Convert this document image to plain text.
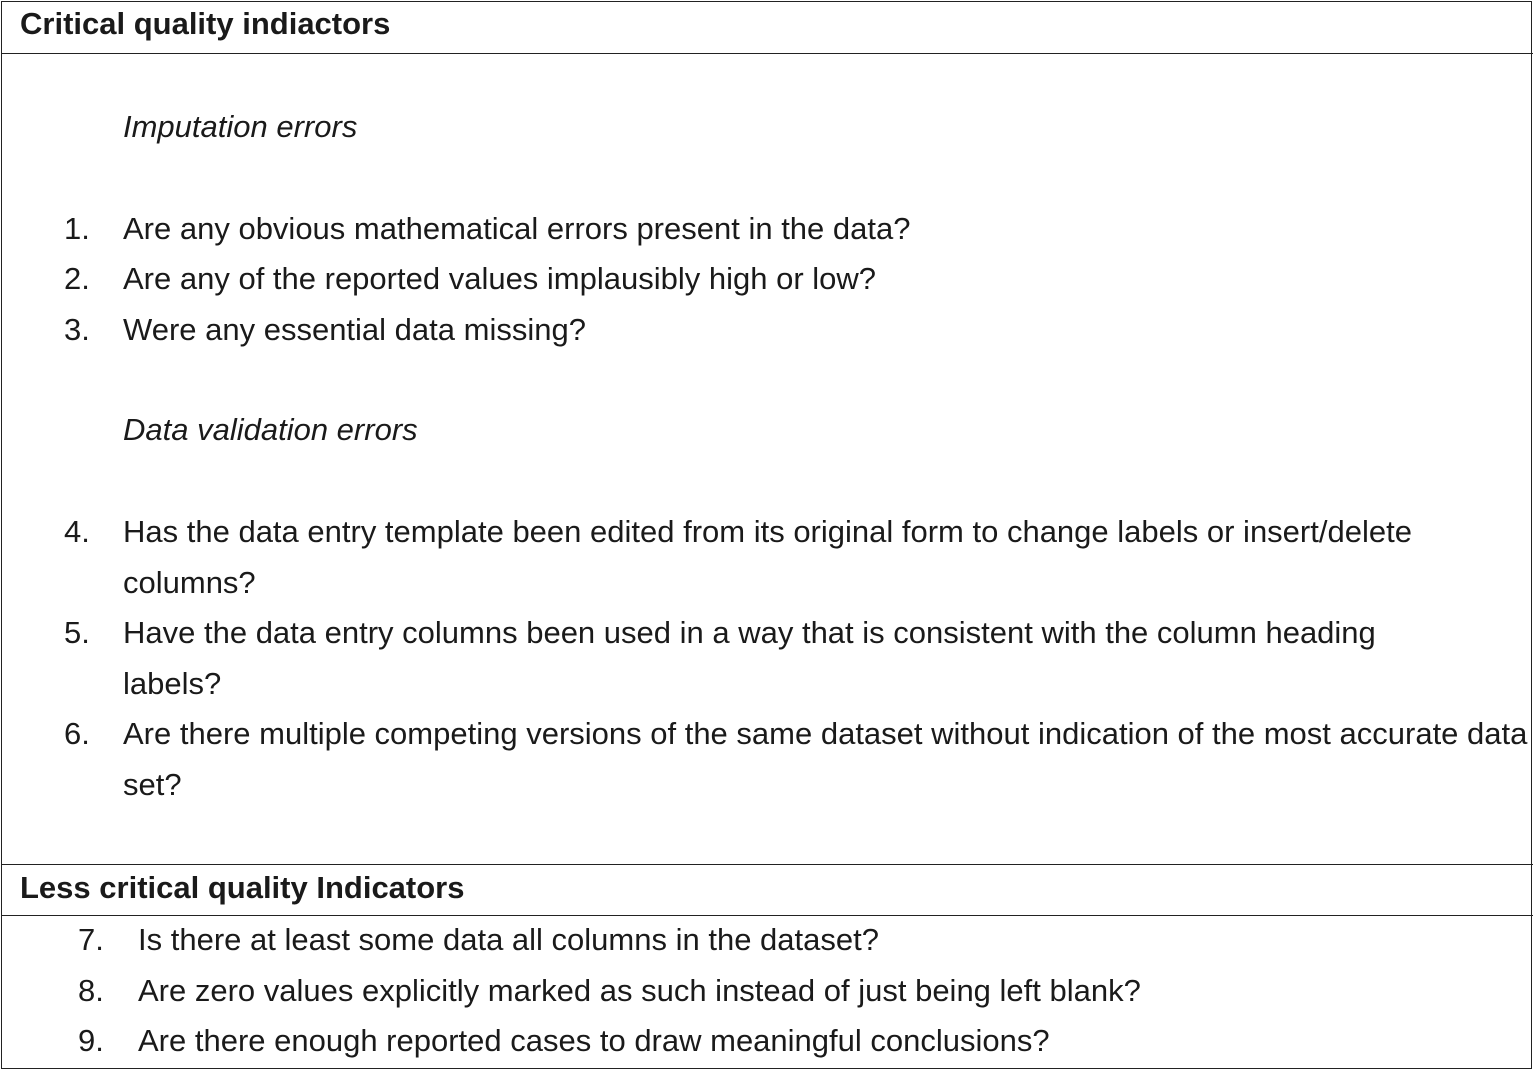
Critical quality indiactors
Imputation errors
1. Are any obvious mathematical errors present in the data?
2. Are any of the reported values implausibly high or low?
3. Were any essential data missing?
Data validation errors
4. Has the data entry template been edited from its original form to change labels or insert/delete columns?
5. Have the data entry columns been used in a way that is consistent with the column heading labels?
6. Are there multiple competing versions of the same dataset without indication of the most accurate data set?
Less critical quality Indicators
7. Is there at least some data all columns in the dataset?
8. Are zero values explicitly marked as such instead of just being left blank?
9. Are there enough reported cases to draw meaningful conclusions?
